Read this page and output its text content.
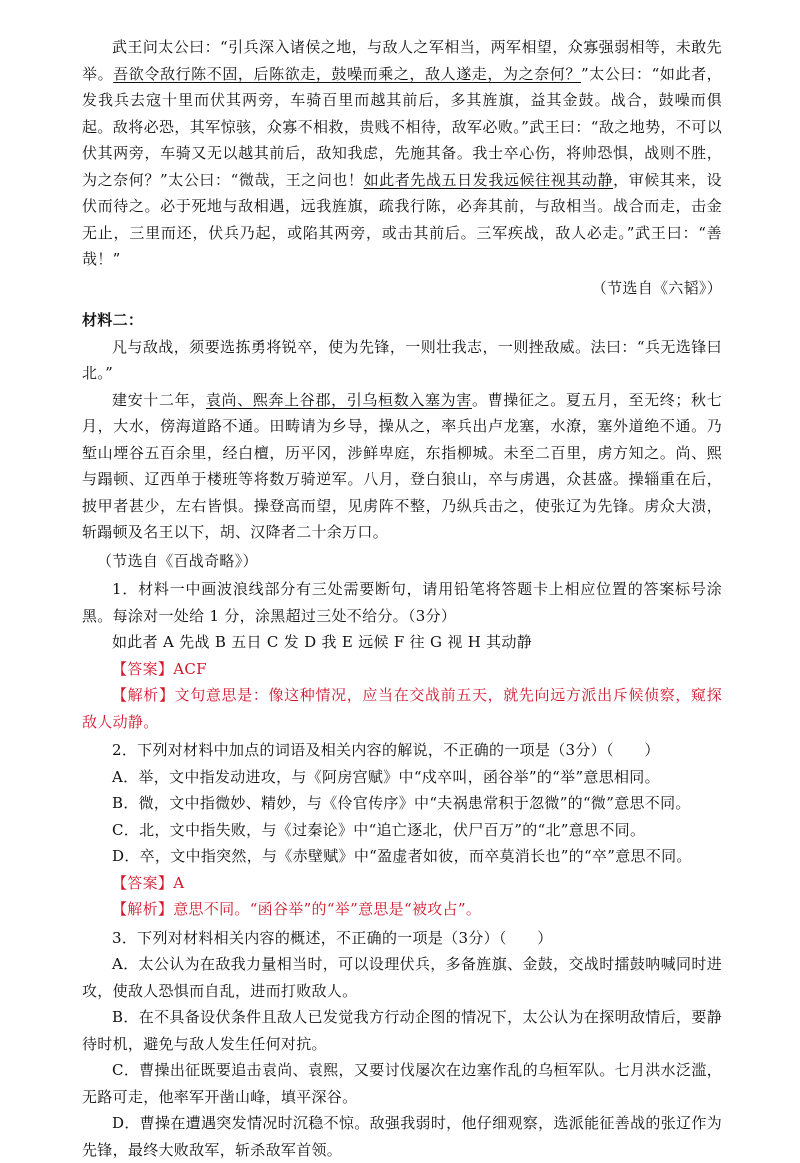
武王问太公曰：“引兵深入诸侯之地，与敌人之军相当，两军相望，众寡强弱相等，未敢先举。吾欲令敌行陈不固，后陈欲走，鼓噪而乘之，敌人遂走，为之奈何？”太公曰：“如此者，发我兵去寇十里而伏其两旁，车骑百里而越其前后，多其旌旗，益其金鼓。战合，鼓噪而俱起。敌将必恐，其军惊骇，众寡不相救，贵贱不相待，敌军必败。”武王曰：“敌之地势，不可以伏其两旁，车骑又无以越其前后，敌知我虑，先施其备。我士卒心伤，将帅恐惧，战则不胜，为之奈何？”太公曰：“微哉，王之问也！如此者先战五日发我远候往视其动静，审候其来，设伏而待之。必于死地与敌相遇，远我旌旗，疏我行陈，必奔其前，与敌相当。战合而走，击金无止，三里而还，伏兵乃起，或陷其两旁，或击其前后。三军疾战，敌人必走。”武王曰：“善哉！”

（节选自《六韬》）

材料二：

凡与敌战，须要选拣勇将锐卒，使为先锋，一则壮我志，一则挫敌威。法曰：“兵无选锋曰北。”

建安十二年，袁尚、熙奔上谷郡，引乌桓数入塞为害。曹操征之。夏五月，至无终；秋七月，大水，傍海道路不通。田畴请为乡导，操从之，率兵出卢龙塞，水潦，塞外道绝不通。乃堑山堙谷五百余里，经白檀，历平冈，涉鲜卑庭，东指柳城。未至二百里，虏方知之。尚、熙与蹋顿、辽西单于楼班等将数万骑逆军。八月，登白狼山，卒与虏遇，众甚盛。操辎重在后，披甲者甚少，左右皆惧。操登高而望，见虏阵不整，乃纵兵击之，使张辽为先锋。虏众大溃，斩蹋顿及名王以下，胡、汉降者二十余万口。

（节选自《百战奇略》）

1．材料一中画波浪线部分有三处需要断句，请用铅笔将答题卡上相应位置的答案标号涂黑。每涂对一处给 1 分，涂黑超过三处不给分。（3分）

如此者 A 先战 B 五日 C 发 D 我 E 远候 F 往 G 视 H 其动静

【答案】ACF

【解析】文句意思是：像这种情况，应当在交战前五天，就先向远方派出斥候侦察，窥探敌人动静。

2．下列对材料中加点的词语及相关内容的解说，不正确的一项是（3分）（　　）

A．举，文中指发动进攻，与《阿房宫赋》中“戍卒叫，函谷举”的“举”意思相同。

B．微，文中指微妙、精妙，与《伶官传序》中“夫祸患常积于忽微”的“微”意思不同。

C．北，文中指失败，与《过秦论》中“追亡逐北，伏尸百万”的“北”意思不同。

D．卒，文中指突然，与《赤壁赋》中“盈虚者如彼，而卒莫消长也”的“卒”意思不同。

【答案】A

【解析】意思不同。“函谷举”的“举”意思是“被攻占”。

3．下列对材料相关内容的概述，不正确的一项是（3分）（　　）

A．太公认为在敌我力量相当时，可以设理伏兵，多备旌旗、金鼓，交战时擂鼓呐喊同时进攻，使敌人恐惧而自乱，进而打败敌人。

B．在不具备设伏条件且敌人已发觉我方行动企图的情况下，太公认为在探明敌情后，要静待时机，避免与敌人发生任何对抗。

C．曹操出征既要追击袁尚、袁熙，又要讨伐屡次在边塞作乱的乌桓军队。七月洪水泛滥，无路可走，他率军开凿山峰，填平深谷。

D．曹操在遭遇突发情况时沉稳不惊。敌强我弱时，他仔细观察，选派能征善战的张辽作为先锋，最终大败敌军，斩杀敌军首领。
